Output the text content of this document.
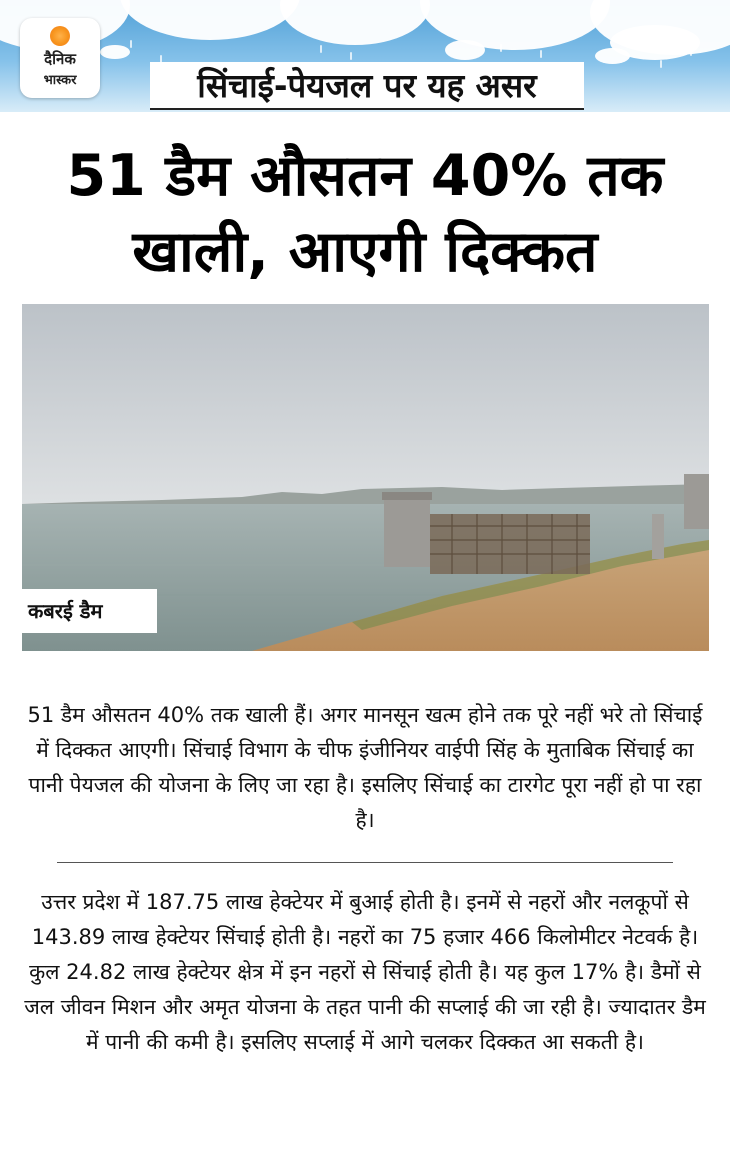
दैनिक
भास्कर	सिंचाई-पेयजल पर यह असर
51 डैम औसतन 40% तक खाली, आएगी दिक्कत
कबरई डैम

51 डैम औसतन 40% तक खाली हैं। अगर मानसून खत्म होने तक पूरे नहीं भरे तो सिंचाई में दिक्कत आएगी। सिंचाई विभाग के चीफ इंजीनियर वाईपी सिंह के मुताबिक सिंचाई का पानी पेयजल की योजना के लिए जा रहा है। इसलिए सिंचाई का टारगेट पूरा नहीं हो पा रहा है।

उत्तर प्रदेश में 187.75 लाख हेक्टेयर में बुआई होती है। इनमें से नहरों और नलकूपों से 143.89 लाख हेक्टेयर सिंचाई होती है। नहरों का 75 हजार 466 किलोमीटर नेटवर्क है। कुल 24.82 लाख हेक्टेयर क्षेत्र में इन नहरों से सिंचाई होती है। यह कुल 17% है। डैमों से जल जीवन मिशन और अमृत योजना के तहत पानी की सप्लाई की जा रही है। ज्यादातर डैम में पानी की कमी है। इसलिए सप्लाई में आगे चलकर दिक्कत आ सकती है।
